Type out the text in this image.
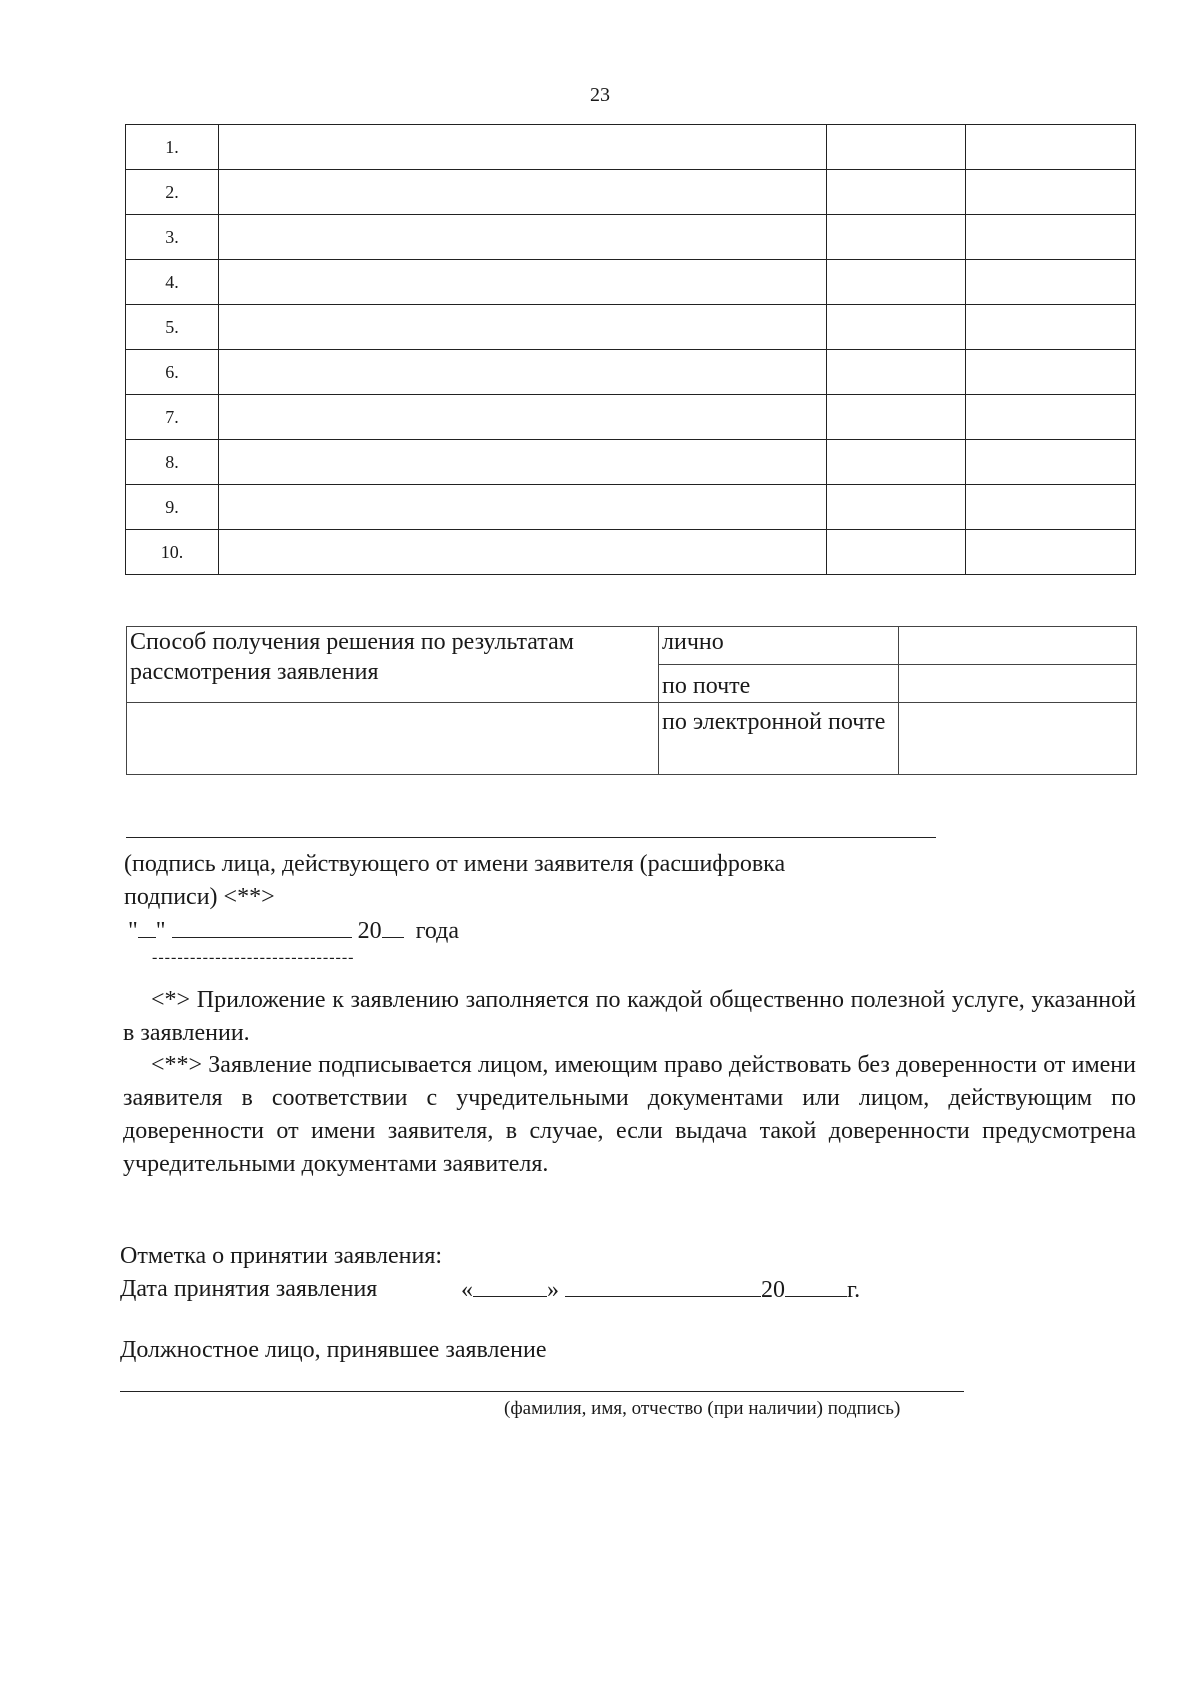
23
1.			
2.			
3.			
4.			
5.			
6.			
7.			
8.			
9.			
10.			
Способ получения решения по результатам
рассмотрения заявления	лично	
	по почте	
	по электронной почте	
(подпись лица, действующего от имени заявителя (расшифровка
подписи) <**>
" "	20 года
--------------------------------
<*> Приложение к заявлению заполняется по каждой общественно полезной услуге, указанной в заявлении.
<**> Заявление подписывается лицом, имеющим право действовать без доверенности от имени заявителя в соответствии с учредительными документами или лицом, действующим по доверенности от имени заявителя, в случае, если выдача такой доверенности предусмотрена учредительными документами заявителя.
Отметка о принятии заявления:
Дата принятия заявления	«	»	20	г.
Должностное лицо, принявшее заявление
(фамилия, имя, отчество (при наличии) подпись)
